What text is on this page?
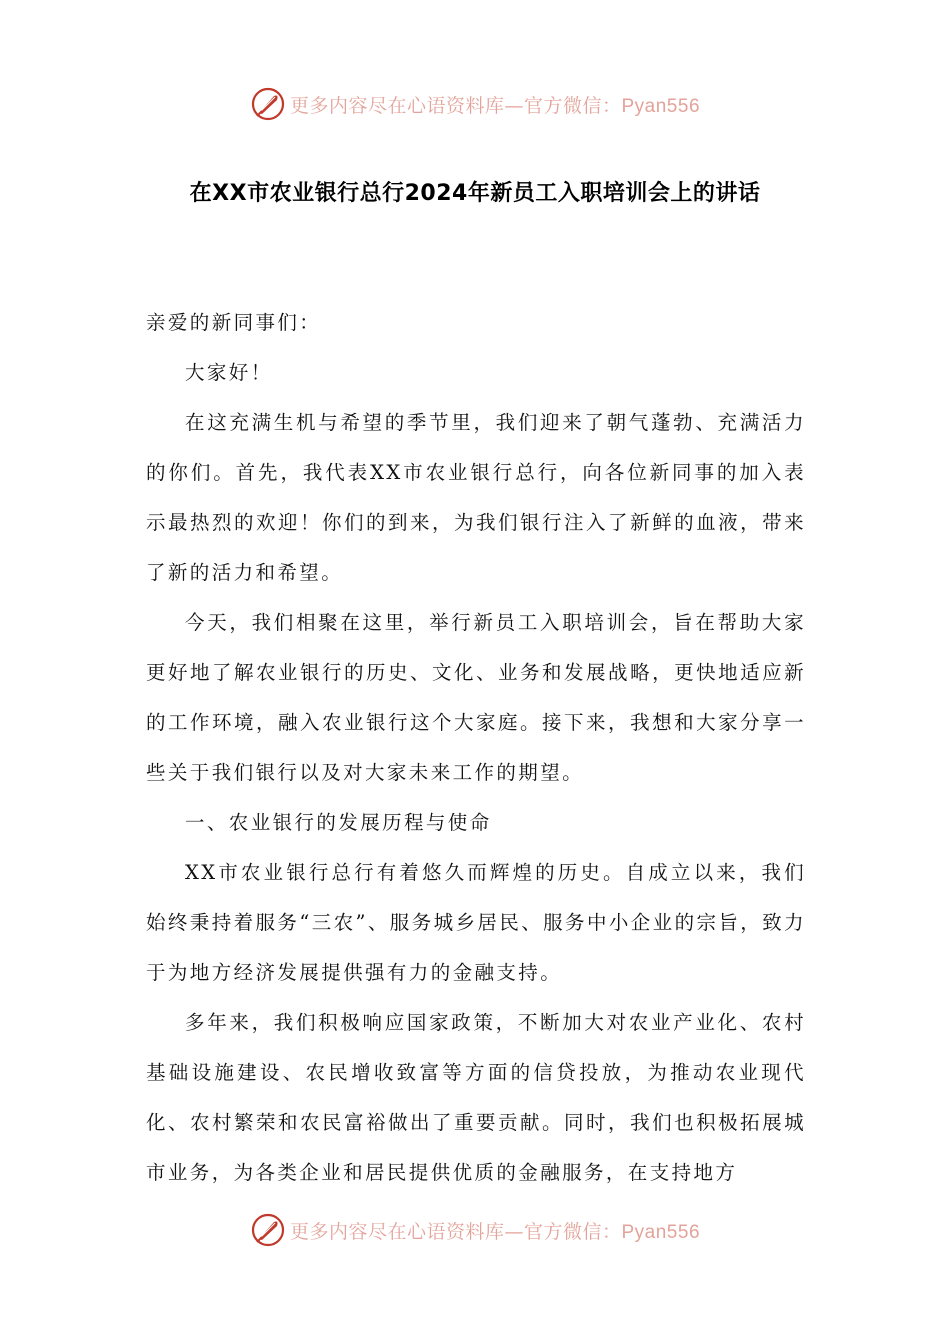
更多内容尽在心语资料库—官方微信：Pyan556
在XX市农业银行总行2024年新员工入职培训会上的讲话

亲爱的新同事们：

大家好！

在这充满生机与希望的季节里，我们迎来了朝气蓬勃、充满活力的你们。首先，我代表XX市农业银行总行，向各位新同事的加入表示最热烈的欢迎！你们的到来，为我们银行注入了新鲜的血液，带来了新的活力和希望。

今天，我们相聚在这里，举行新员工入职培训会，旨在帮助大家更好地了解农业银行的历史、文化、业务和发展战略，更快地适应新的工作环境，融入农业银行这个大家庭。接下来，我想和大家分享一些关于我们银行以及对大家未来工作的期望。

一、农业银行的发展历程与使命

XX市农业银行总行有着悠久而辉煌的历史。自成立以来，我们始终秉持着服务“三农”、服务城乡居民、服务中小企业的宗旨，致力于为地方经济发展提供强有力的金融支持。

多年来，我们积极响应国家政策，不断加大对农业产业化、农村基础设施建设、农民增收致富等方面的信贷投放，为推动农业现代化、农村繁荣和农民富裕做出了重要贡献。同时，我们也积极拓展城市业务，为各类企业和居民提供优质的金融服务，在支持地方

更多内容尽在心语资料库—官方微信：Pyan556
